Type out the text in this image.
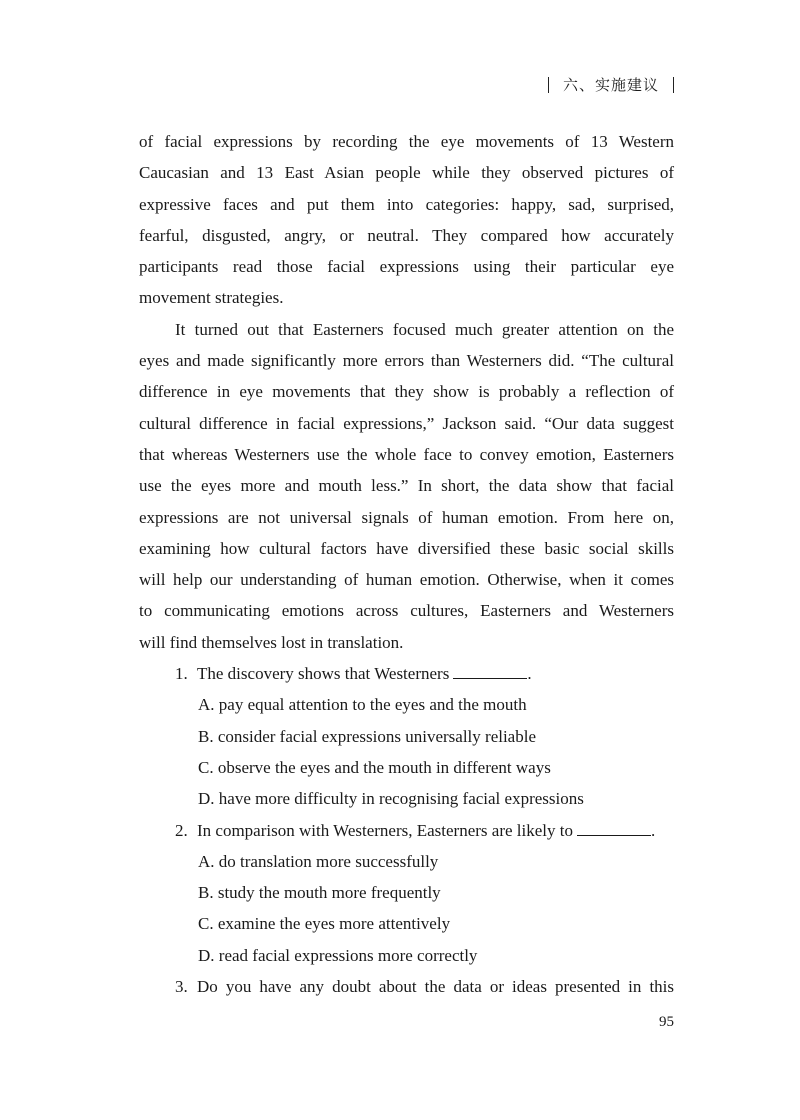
六、实施建议
of facial expressions by recording the eye movements of 13 Western
Caucasian and 13 East Asian people while they observed pictures of
expressive faces and put them into categories: happy, sad, surprised,
fearful, disgusted, angry, or neutral. They compared how accurately
participants read those facial expressions using their particular eye
movement strategies.
It turned out that Easterners focused much greater attention on the
eyes and made significantly more errors than Westerners did. “The cultural
difference in eye movements that they show is probably a reflection of
cultural difference in facial expressions,” Jackson said. “Our data suggest
that whereas Westerners use the whole face to convey emotion, Easterners
use the eyes more and mouth less.” In short, the data show that facial
expressions are not universal signals of human emotion. From here on,
examining how cultural factors have diversified these basic social skills
will help our understanding of human emotion. Otherwise, when it comes
to communicating emotions across cultures, Easterners and Westerners
will find themselves lost in translation.
1. The discovery shows that Westerners	.
A. pay equal attention to the eyes and the mouth
B. consider facial expressions universally reliable
C. observe the eyes and the mouth in different ways
D. have more difficulty in recognising facial expressions
2. In comparison with Westerners, Easterners are likely to	.
A. do translation more successfully
B. study the mouth more frequently
C. examine the eyes more attentively
D. read facial expressions more correctly
3. Do you have any doubt about the data or ideas presented in this
95
